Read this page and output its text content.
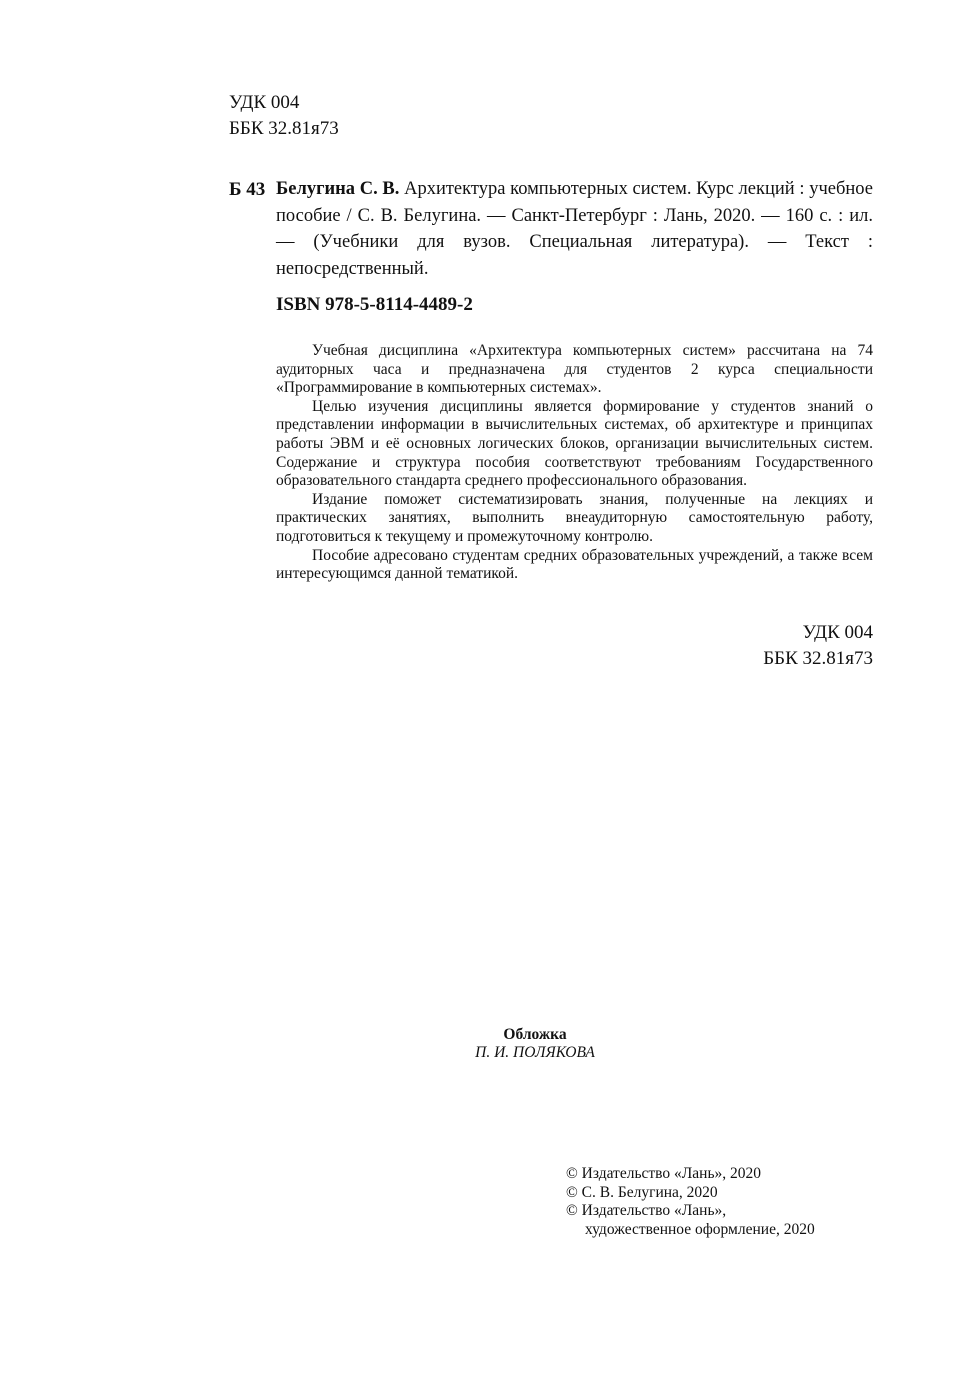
УДК 004
ББК 32.81я73
Б 43 Белугина С. В. Архитектура компьютерных систем. Курс лекций : учебное пособие / С. В. Белугина. — Санкт-Петербург : Лань, 2020. — 160 с. : ил. — (Учебники для вузов. Специальная литература). — Текст : непосредственный.
ISBN 978-5-8114-4489-2

Учебная дисциплина «Архитектура компьютерных систем» рассчитана на 74 аудиторных часа и предназначена для студентов 2 курса специальности «Программирование в компьютерных системах».

Целью изучения дисциплины является формирование у студентов знаний о представлении информации в вычислительных системах, об архитектуре и принципах работы ЭВМ и её основных логических блоков, организации вычислительных систем. Содержание и структура пособия соответствуют требованиям Государственного образовательного стандарта среднего профессионального образования.

Издание поможет систематизировать знания, полученные на лекциях и практических занятиях, выполнить внеаудиторную самостоятельную работу, подготовиться к текущему и промежуточному контролю.

Пособие адресовано студентам средних образовательных учреждений, а также всем интересующимся данной тематикой.

УДК 004
ББК 32.81я73
Обложка
П. И. ПОЛЯКОВА
© Издательство «Лань», 2020
© С. В. Белугина, 2020
© Издательство «Лань»,
художественное оформление, 2020
